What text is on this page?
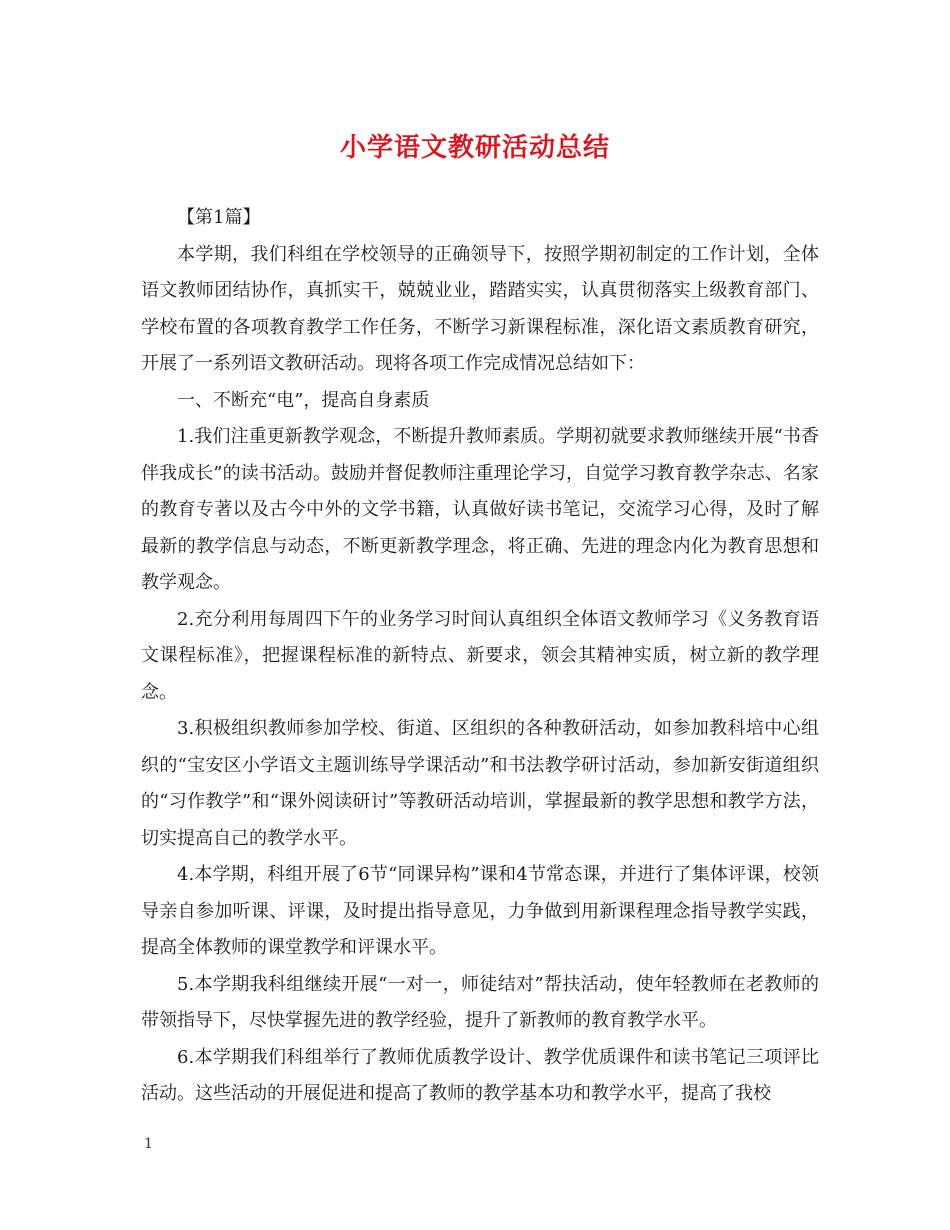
小学语文教研活动总结

【第1篇】

本学期，我们科组在学校领导的正确领导下，按照学期初制定的工作计划，全体语文教师团结协作，真抓实干，兢兢业业，踏踏实实，认真贯彻落实上级教育部门、学校布置的各项教育教学工作任务，不断学习新课程标准，深化语文素质教育研究，开展了一系列语文教研活动。现将各项工作完成情况总结如下：

一、不断充“电”，提高自身素质

1.我们注重更新教学观念，不断提升教师素质。学期初就要求教师继续开展“书香伴我成长”的读书活动。鼓励并督促教师注重理论学习，自觉学习教育教学杂志、名家的教育专著以及古今中外的文学书籍，认真做好读书笔记，交流学习心得，及时了解最新的教学信息与动态，不断更新教学理念，将正确、先进的理念内化为教育思想和教学观念。

2.充分利用每周四下午的业务学习时间认真组织全体语文教师学习《义务教育语文课程标准》，把握课程标准的新特点、新要求，领会其精神实质，树立新的教学理念。

3.积极组织教师参加学校、街道、区组织的各种教研活动，如参加教科培中心组织的“宝安区小学语文主题训练导学课活动”和书法教学研讨活动，参加新安街道组织的“习作教学”和“课外阅读研讨”等教研活动培训，掌握最新的教学思想和教学方法，切实提高自己的教学水平。

4.本学期，科组开展了6节“同课异构”课和4节常态课，并进行了集体评课，校领导亲自参加听课、评课，及时提出指导意见，力争做到用新课程理念指导教学实践，提高全体教师的课堂教学和评课水平。

5.本学期我科组继续开展“一对一，师徒结对”帮扶活动，使年轻教师在老教师的带领指导下，尽快掌握先进的教学经验，提升了新教师的教育教学水平。

6.本学期我们科组举行了教师优质教学设计、教学优质课件和读书笔记三项评比活动。这些活动的开展促进和提高了教师的教学基本功和教学水平，提高了我校

1
